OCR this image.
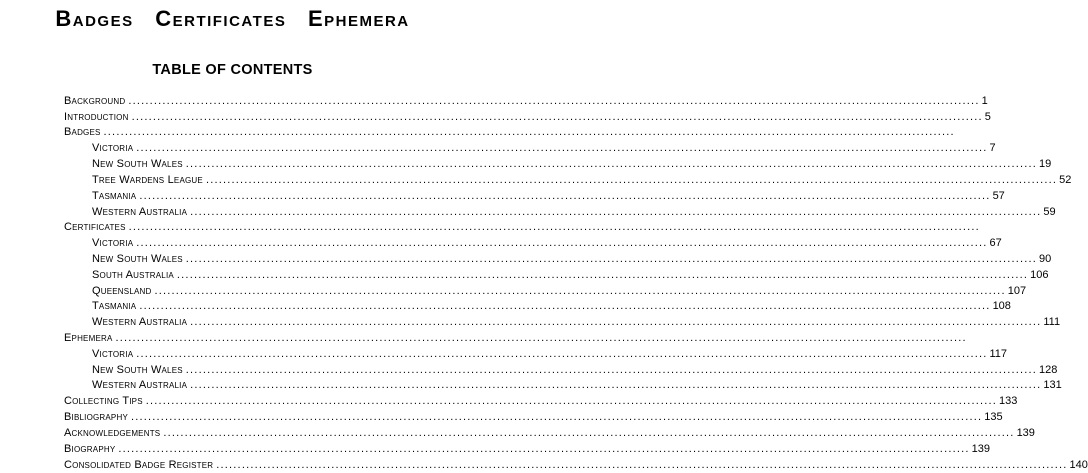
Badges Certificates Ephemera
TABLE OF CONTENTS
Background ........................................................................................................................................................................................................ 1
Introduction ........................................................................................................................................................................................................ 5
Badges ........................................................................................................................................................................................................
Victoria ........................................................................................................................................................................................................ 7
New South Wales ........................................................................................................................................................................................................ 19
Tree Wardens League ........................................................................................................................................................................................................ 52
Tasmania ........................................................................................................................................................................................................ 57
Western Australia ........................................................................................................................................................................................................ 59
Certificates ........................................................................................................................................................................................................
Victoria ........................................................................................................................................................................................................ 67
New South Wales ........................................................................................................................................................................................................ 90
South Australia ........................................................................................................................................................................................................ 106
Queensland ........................................................................................................................................................................................................ 107
Tasmania ........................................................................................................................................................................................................ 108
Western Australia ........................................................................................................................................................................................................ 111
Ephemera ........................................................................................................................................................................................................
Victoria ........................................................................................................................................................................................................ 117
New South Wales ........................................................................................................................................................................................................ 128
Western Australia ........................................................................................................................................................................................................ 131
Collecting Tips ........................................................................................................................................................................................................ 133
Bibliography ........................................................................................................................................................................................................ 135
Acknowledgements ........................................................................................................................................................................................................ 139
Biography ........................................................................................................................................................................................................ 139
Consolidated Badge Register ........................................................................................................................................................................................................ 140
